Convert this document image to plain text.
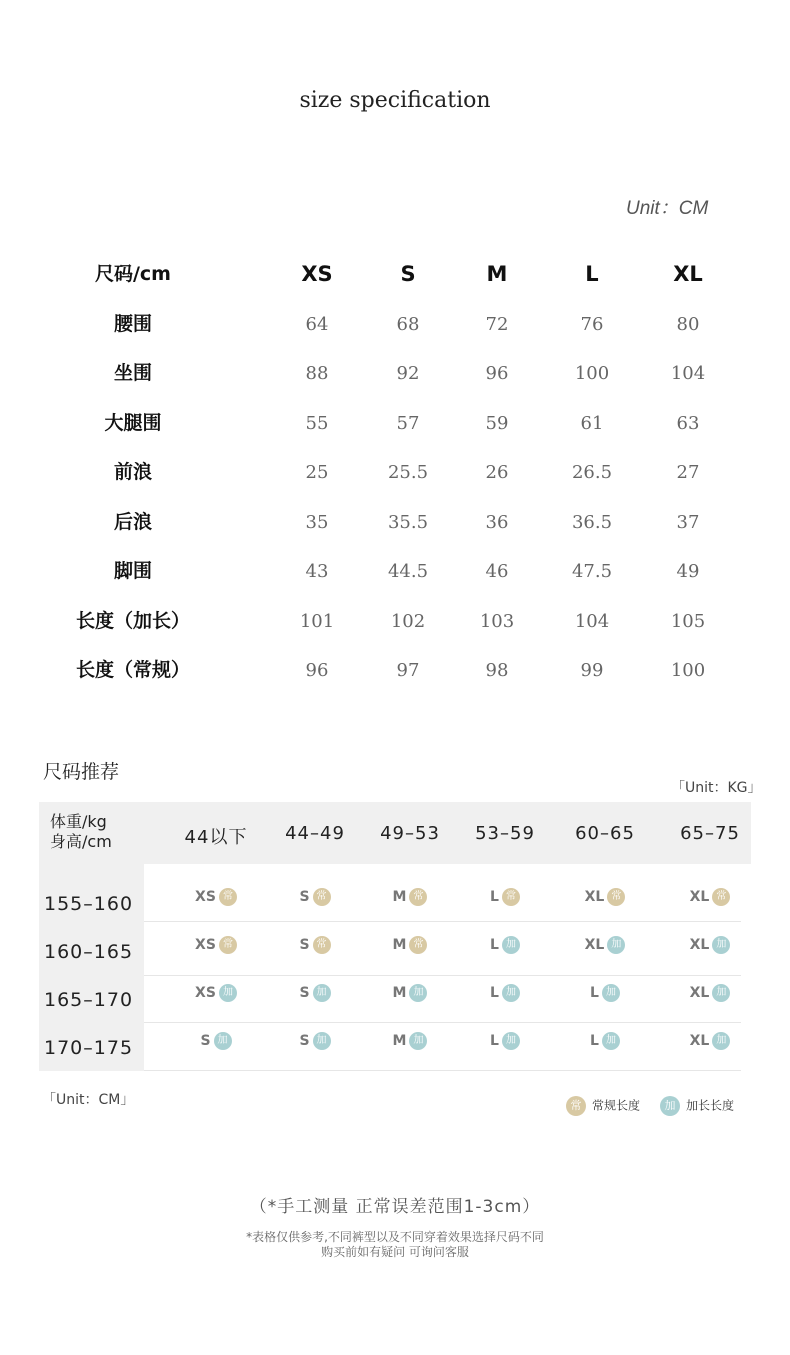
size specification
Unit：CM
尺码/cm	XS	S	M	L	XL
腰围	64	68	72	76	80
坐围	88	92	96	100	104
大腿围	55	57	59	61	63
前浪	25	25.5	26	26.5	27
后浪	35	35.5	36	36.5	37
脚围	43	44.5	46	47.5	49
长度（加长）	101	102	103	104	105
长度（常规）	96	97	98	99	100
尺码推荐
「Unit：KG」
体重/kg
身高/cm	44以下	44–49	49–53	53–59	60–65	65–75
155–160	XS 常	S 常	M 常	L 常	XL 常	XL 常
160–165	XS 常	S 常	M 常	L 加	XL 加	XL 加
165–170	XS 加	S 加	M 加	L 加	L 加	XL 加
170–175	S 加	S 加	M 加	L 加	L 加	XL 加
「Unit：CM」	常 常规长度	加 加长长度
（*手工测量 正常误差范围1-3cm）
*表格仅供参考,不同裤型以及不同穿着效果选择尺码不同
购买前如有疑问 可询问客服
